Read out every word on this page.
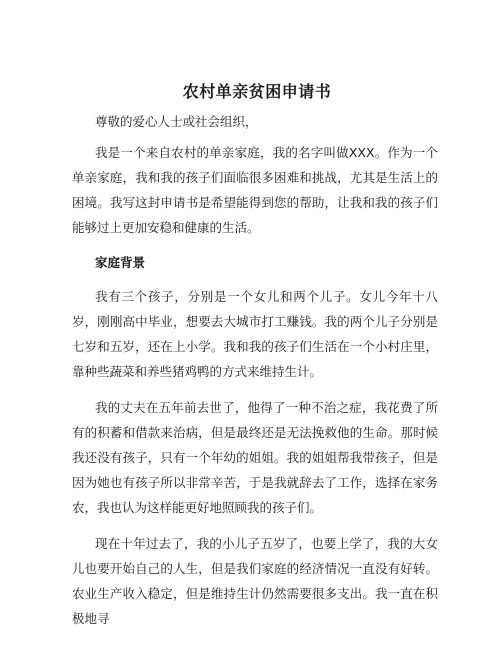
农村单亲贫困申请书

尊敬的爱心人士或社会组织，

我是一个来自农村的单亲家庭，我的名字叫做XXX。作为一个单亲家庭，我和我的孩子们面临很多困难和挑战，尤其是生活上的困境。我写这封申请书是希望能得到您的帮助，让我和我的孩子们能够过上更加安稳和健康的生活。

家庭背景

我有三个孩子，分别是一个女儿和两个儿子。女儿今年十八岁，刚刚高中毕业，想要去大城市打工赚钱。我的两个儿子分别是七岁和五岁，还在上小学。我和我的孩子们生活在一个小村庄里，靠种些蔬菜和养些猪鸡鸭的方式来维持生计。

我的丈夫在五年前去世了，他得了一种不治之症，我花费了所有的积蓄和借款来治病，但是最终还是无法挽救他的生命。那时候我还没有孩子，只有一个年幼的姐姐。我的姐姐帮我带孩子，但是因为她也有孩子所以非常辛苦，于是我就辞去了工作，选择在家务农，我也认为这样能更好地照顾我的孩子们。

现在十年过去了，我的小儿子五岁了，也要上学了，我的大女儿也要开始自己的人生，但是我们家庭的经济情况一直没有好转。农业生产收入稳定，但是维持生计仍然需要很多支出。我一直在积极地寻
